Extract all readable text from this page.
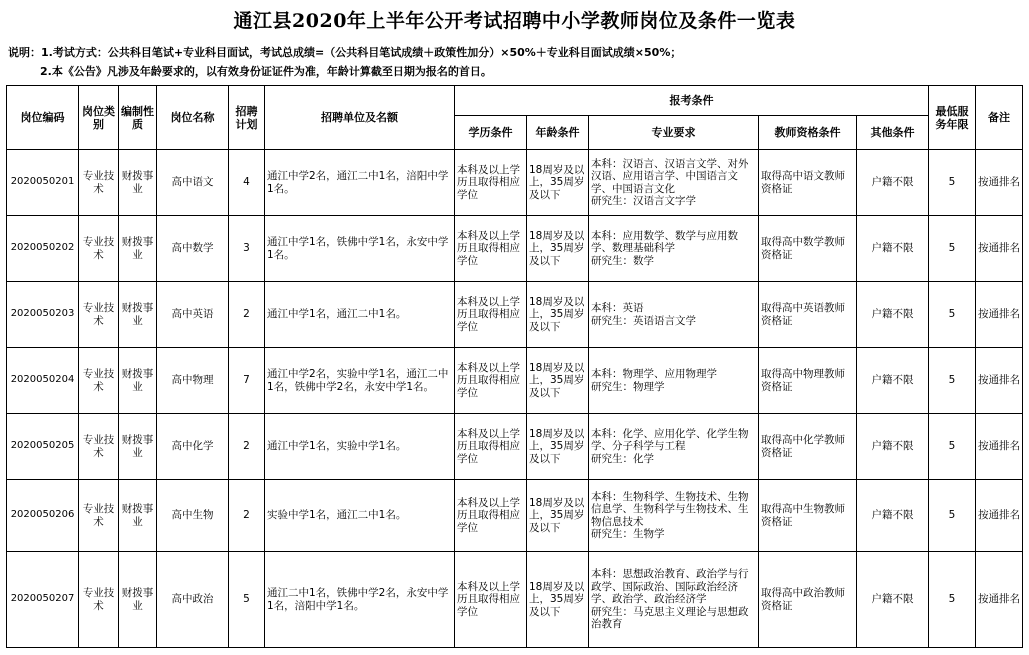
通江县2020年上半年公开考试招聘中小学教师岗位及条件一览表
说明：1.考试方式：公共科目笔试+专业科目面试，考试总成绩=（公共科目笔试成绩＋政策性加分）×50%＋专业科目面试成绩×50%；
2.本《公告》凡涉及年龄要求的，以有效身份证证件为准，年龄计算截至日期为报名的首日。
岗位编码	岗位类别	编制性质	岗位名称	招聘计划	招聘单位及名额	报考条件					最低服务年限	备注
						学历条件	年龄条件	专业要求	教师资格条件	其他条件		
2020050201	专业技术	财拨事业	高中语文	4	通江中学2名，通江二中1名，涪阳中学1名。	本科及以上学历且取得相应学位	18周岁及以上，35周岁及以下	本科：汉语言、汉语言文学、对外汉语、应用语言学、中国语言文学、中国语言文化
研究生：汉语言文字学	取得高中语文教师资格证	户籍不限	5	按通排名
2020050202	专业技术	财拨事业	高中数学	3	通江中学1名，铁佛中学1名，永安中学1名。	本科及以上学历且取得相应学位	18周岁及以上，35周岁及以下	本科：应用数学、数学与应用数学、数理基础科学
研究生：数学	取得高中数学教师资格证	户籍不限	5	按通排名
2020050203	专业技术	财拨事业	高中英语	2	通江中学1名，通江二中1名。	本科及以上学历且取得相应学位	18周岁及以上，35周岁及以下	本科：英语
研究生：英语语言文学	取得高中英语教师资格证	户籍不限	5	按通排名
2020050204	专业技术	财拨事业	高中物理	7	通江中学2名，实验中学1名，通江二中1名，铁佛中学2名，永安中学1名。	本科及以上学历且取得相应学位	18周岁及以上，35周岁及以下	本科：物理学、应用物理学
研究生：物理学	取得高中物理教师资格证	户籍不限	5	按通排名
2020050205	专业技术	财拨事业	高中化学	2	通江中学1名，实验中学1名。	本科及以上学历且取得相应学位	18周岁及以上，35周岁及以下	本科：化学、应用化学、化学生物学、分子科学与工程
研究生：化学	取得高中化学教师资格证	户籍不限	5	按通排名
2020050206	专业技术	财拨事业	高中生物	2	实验中学1名，通江二中1名。	本科及以上学历且取得相应学位	18周岁及以上，35周岁及以下	本科：生物科学、生物技术、生物信息学、生物科学与生物技术、生物信息技术
研究生：生物学	取得高中生物教师资格证	户籍不限	5	按通排名
2020050207	专业技术	财拨事业	高中政治	5	通江二中1名，铁佛中学2名，永安中学1名，涪阳中学1名。	本科及以上学历且取得相应学位	18周岁及以上，35周岁及以下	本科：思想政治教育、政治学与行政学、国际政治、国际政治经济学、政治学、政治经济学
研究生：马克思主义理论与思想政治教育	取得高中政治教师资格证	户籍不限	5	按通排名
